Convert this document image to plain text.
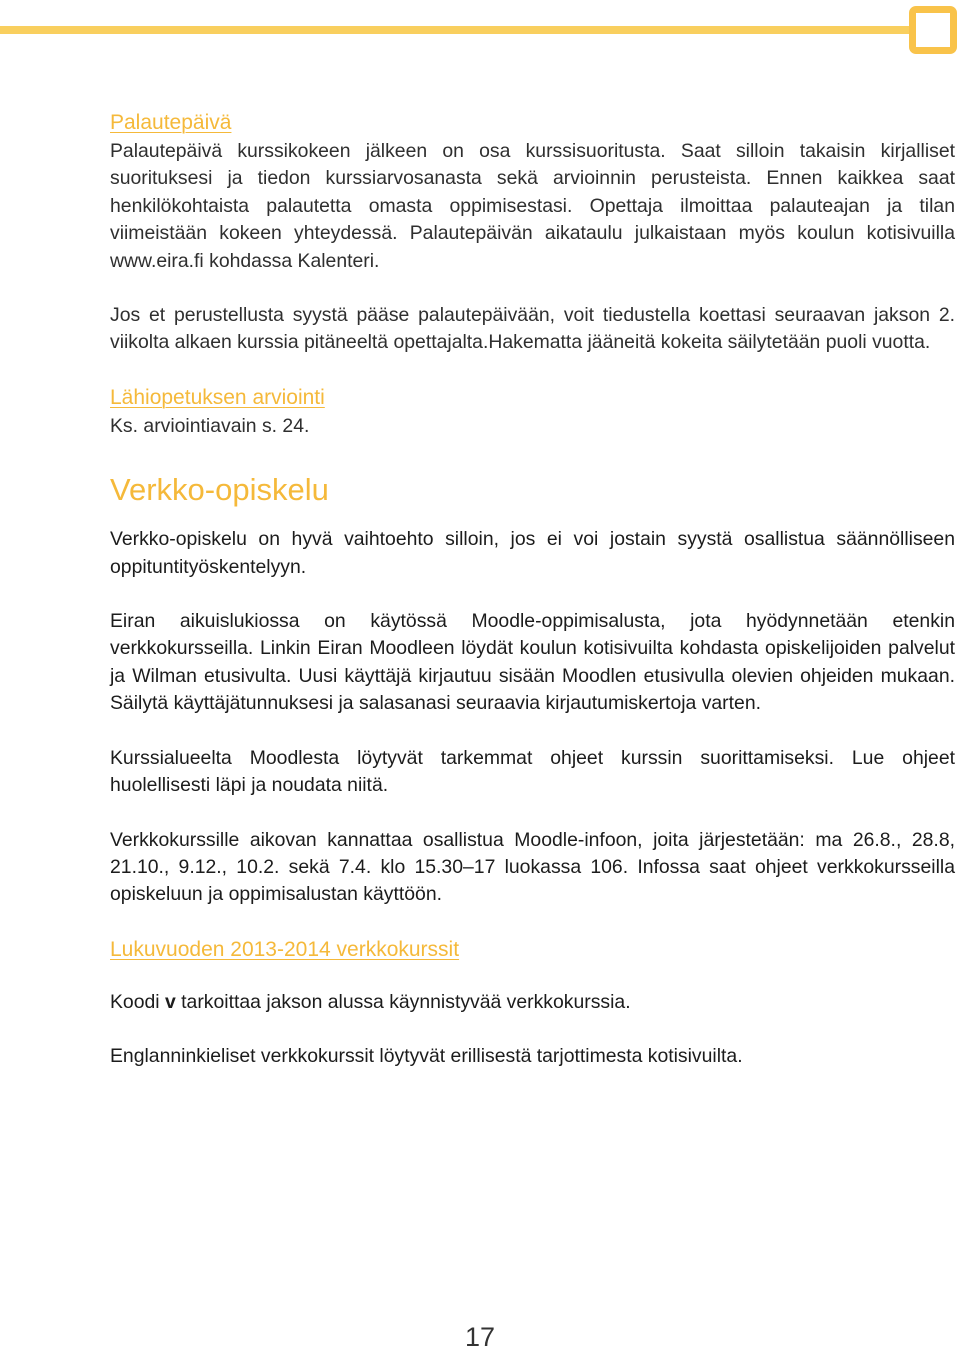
Palautepäivä

Palautepäivä kurssikokeen jälkeen on osa kurssisuoritusta. Saat silloin takaisin kirjalliset suorituksesi ja tiedon kurssiarvosanasta sekä arvioinnin perusteista. Ennen kaikkea saat henkilökohtaista palautetta omasta oppimisestasi. Opettaja ilmoittaa palauteajan ja tilan viimeistään kokeen yhteydessä. Palautepäivän aikataulu julkaistaan myös koulun kotisivuilla www.eira.fi kohdassa Kalenteri.

Jos et perustellusta syystä pääse palautepäivään, voit tiedustella koettasi seuraavan jakson 2. viikolta alkaen kurssia pitäneeltä opettajalta.Hakematta jääneitä kokeita säilytetään puoli vuotta.

Lähiopetuksen arviointi

Ks. arviointiavain s. 24.

Verkko-opiskelu

Verkko-opiskelu on hyvä vaihtoehto silloin, jos ei voi jostain syystä osallistua säännölliseen oppituntityöskentelyyn.

Eiran aikuislukiossa on käytössä Moodle-oppimisalusta, jota hyödynnetään etenkin verkkokursseilla. Linkin Eiran Moodleen löydät koulun kotisivuilta kohdasta opiskelijoiden palvelut ja Wilman etusivulta. Uusi käyttäjä kirjautuu sisään Moodlen etusivulla olevien ohjeiden mukaan. Säilytä käyttäjätunnuksesi ja salasanasi seuraavia kirjautumiskertoja varten.

Kurssialueelta Moodlesta löytyvät tarkemmat ohjeet kurssin suorittamiseksi. Lue ohjeet huolellisesti läpi ja noudata niitä.

Verkkokurssille aikovan kannattaa osallistua Moodle-infoon, joita järjestetään: ma 26.8., 28.8, 21.10., 9.12., 10.2. sekä 7.4. klo 15.30–17 luokassa 106. Infossa saat ohjeet verkkokursseilla opiskeluun ja oppimisalustan käyttöön.

Lukuvuoden 2013-2014 verkkokurssit

Koodi v tarkoittaa jakson alussa käynnistyvää verkkokurssia.

Englanninkieliset verkkokurssit löytyvät erillisestä tarjottimesta kotisivuilta.

17
